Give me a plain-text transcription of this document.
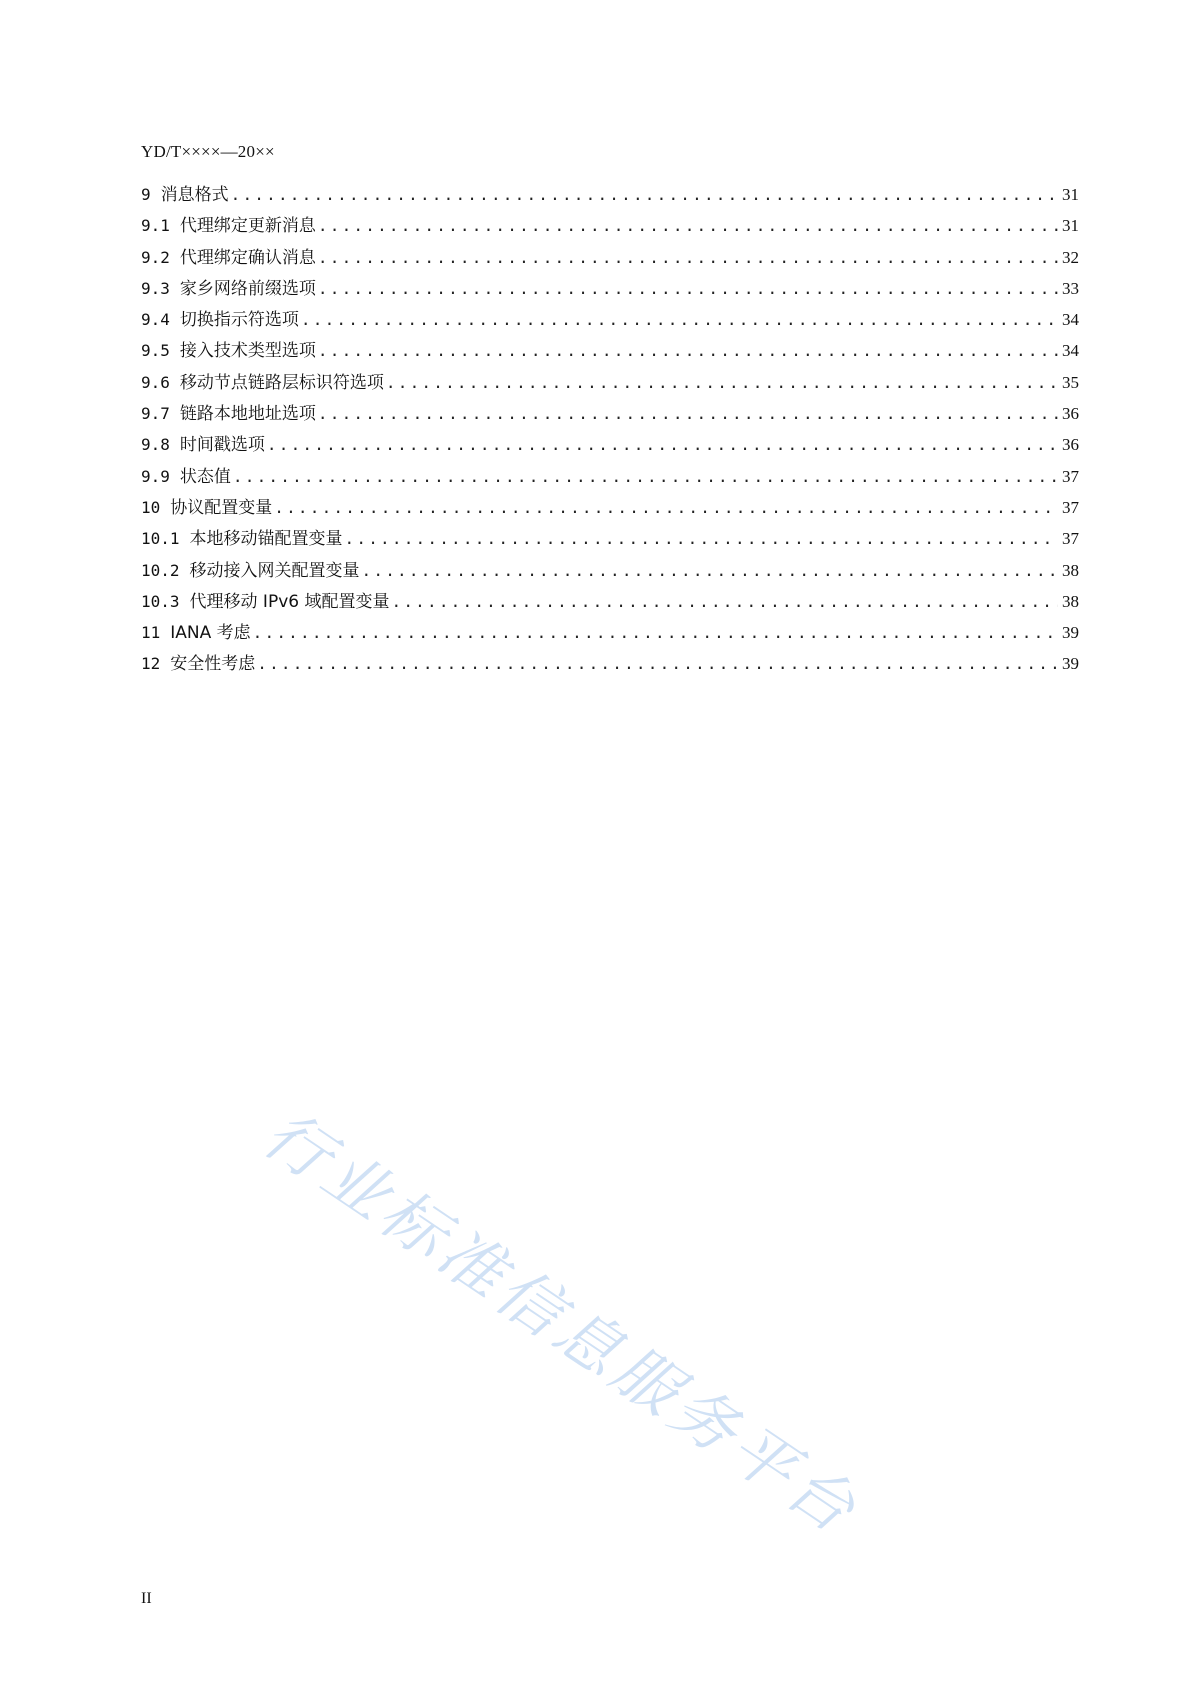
YD/T××××—20××
9 消息格式 .....	31
9.1 代理绑定更新消息 .....	31
9.2 代理绑定确认消息 .....	32
9.3 家乡网络前缀选项 .....	33
9.4 切换指示符选项 .....	34
9.5 接入技术类型选项 .....	34
9.6 移动节点链路层标识符选项 .....	35
9.7 链路本地地址选项 .....	36
9.8 时间戳选项 .....	36
9.9 状态值 .....	37
10 协议配置变量 .....	37
10.1 本地移动锚配置变量 .....	37
10.2 移动接入网关配置变量 .....	38
10.3 代理移动 IPv6 域配置变量 .....	38
11 IANA 考虑 .....	39
12 安全性考虑 .....	39
行业标准信息服务平台
II
